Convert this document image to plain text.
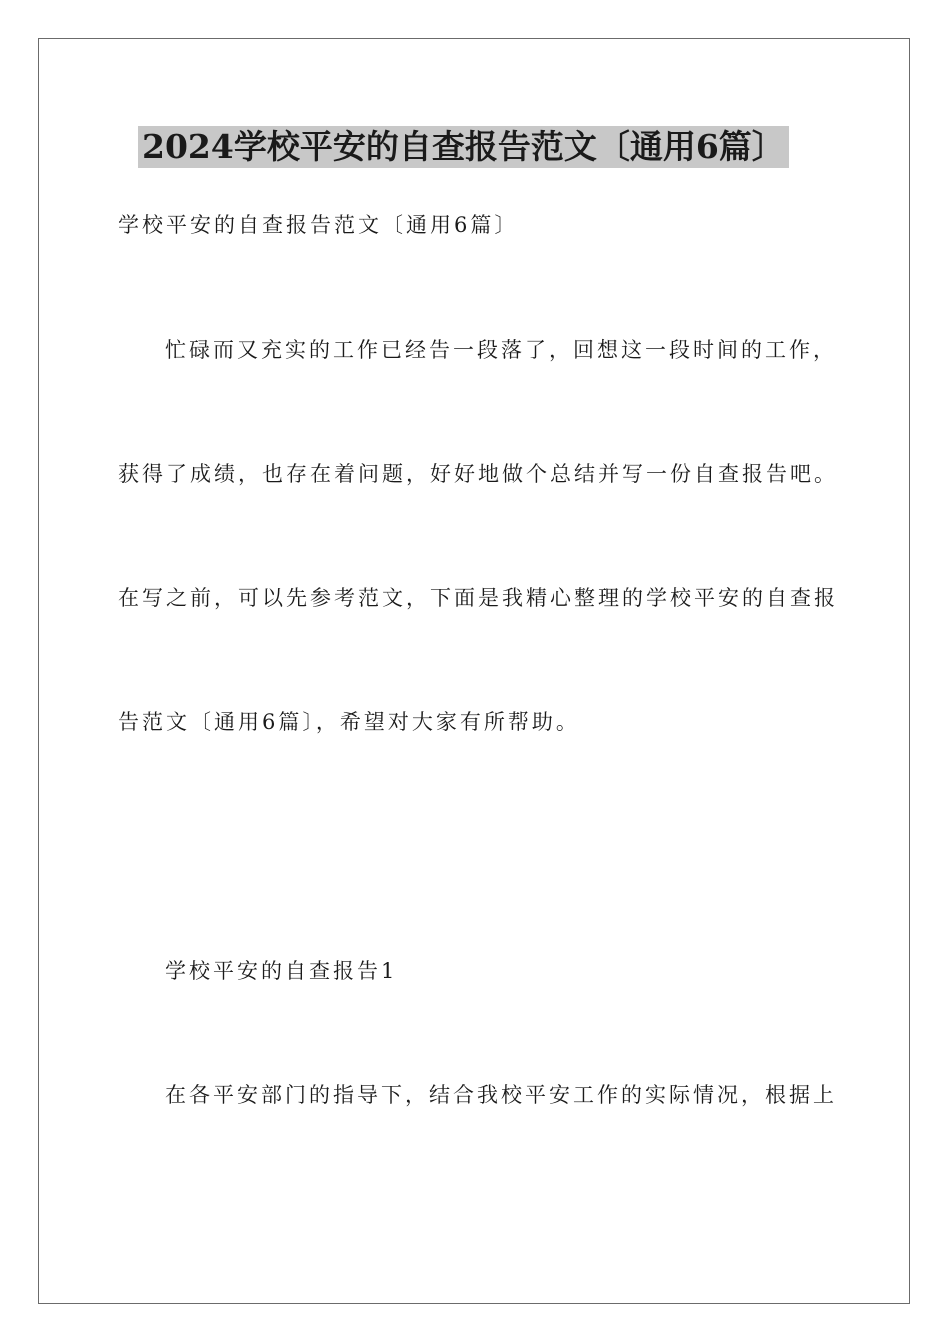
2024学校平安的自查报告范文〔通用6篇〕
学校平安的自查报告范文〔通用6篇〕
忙碌而又充实的工作已经告一段落了，回想这一段时间的工作，
获得了成绩，也存在着问题，好好地做个总结并写一份自查报告吧。
在写之前，可以先参考范文，下面是我精心整理的学校平安的自查报
告范文〔通用6篇〕，希望对大家有所帮助。
学校平安的自查报告1
在各平安部门的指导下，结合我校平安工作的实际情况，根据上
